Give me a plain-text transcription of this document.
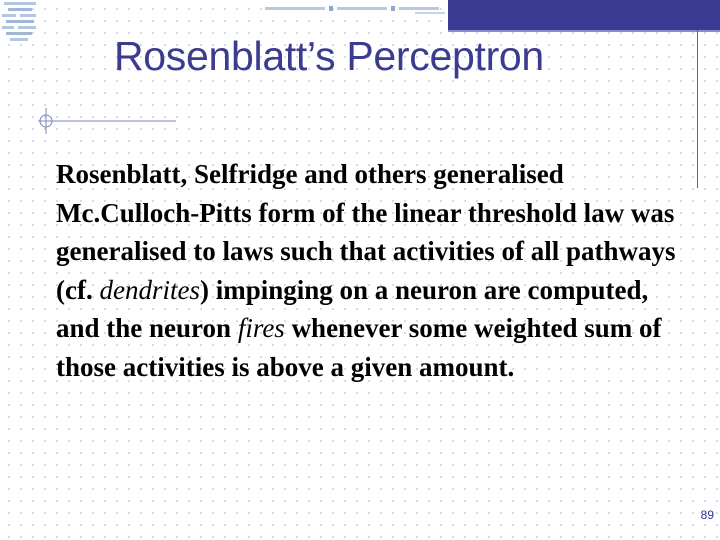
Rosenblatt’s Perceptron

Rosenblatt, Selfridge and others generalised Mc.Culloch-Pitts form of the linear threshold law was generalised to laws such that activities of all pathways (cf. dendrites) impinging on a neuron are computed, and the neuron fires whenever some weighted sum of those activities is above a given amount.

89
